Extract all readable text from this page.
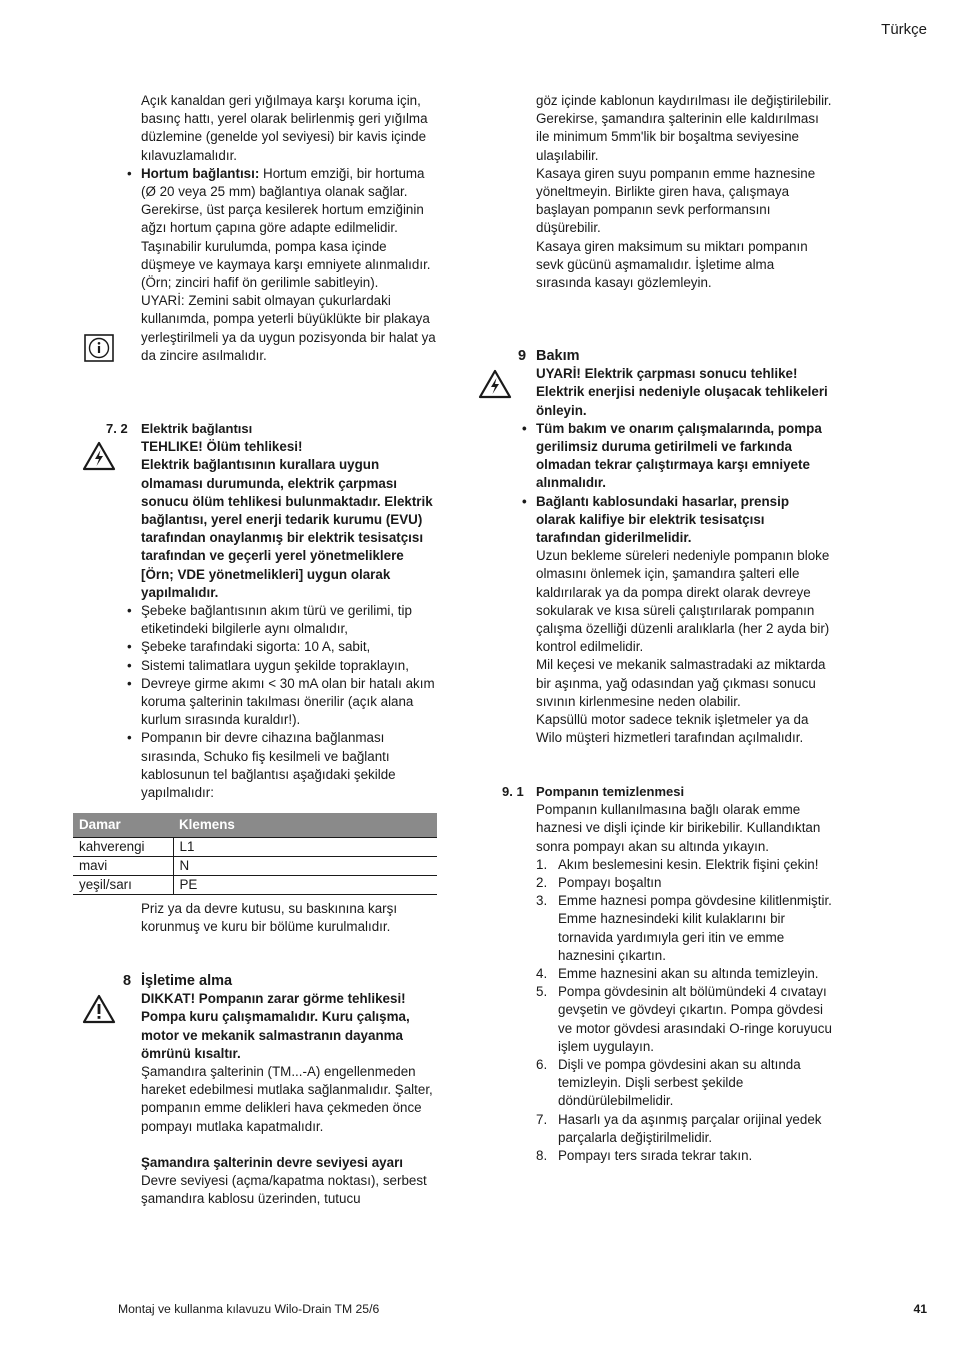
Türkçe

Açık kanaldan geri yığılmaya karşı koruma için, basınç hattı, yerel olarak belirlenmiş geri yığılma düzlemine (genelde yol seviyesi) bir kavis içinde kılavuzlamalıdır.

• Hortum bağlantısı: Hortum emziği, bir hortuma (Ø 20 veya 25 mm) bağlantıya olanak sağlar. Gerekirse, üst parça kesilerek hortum emziğinin ağzı hortum çapına göre adapte edilmelidir.

Taşınabilir kurulumda, pompa kasa içinde düşmeye ve kaymaya karşı emniyete alınmalıdır. (Örn; zinciri hafif ön gerilimle sabitleyin).

UYARİ: Zemini sabit olmayan çukurlardaki kullanımda, pompa yeterli büyüklükte bir plakaya yerleştirilmeli ya da uygun pozisyonda bir halat ya da zincire asılmalıdır.

7. 2 Elektrik bağlantısı

TEHLIKE! Ölüm tehlikesi!

Elektrik bağlantısının kurallara uygun olmaması durumunda, elektrik çarpması sonucu ölüm tehlikesi bulunmaktadır. Elektrik bağlantısı, yerel enerji tedarik kurumu (EVU) tarafından onaylanmış bir elektrik tesisatçısı tarafından ve geçerli yerel yönetmeliklere [Örn; VDE yönetmelikleri] uygun olarak yapılmalıdır.

• Şebeke bağlantısının akım türü ve gerilimi, tip etiketindeki bilgilerle aynı olmalıdır,

• Şebeke tarafındaki sigorta: 10 A, sabit,

• Sistemi talimatlara uygun şekilde topraklayın,

• Devreye girme akımı < 30 mA olan bir hatalı akım koruma şalterinin takılması önerilir (açık alana kurlum sırasında kuraldır!).

• Pompanın bir devre cihazına bağlanması sırasında, Schuko fiş kesilmeli ve bağlantı kablosunun tel bağlantısı aşağıdaki şekilde yapılmalıdır:

Damar	Klemens
kahverengi	L1
mavi	N
yeşil/sarı	PE

Priz ya da devre kutusu, su baskınına karşı korunmuş ve kuru bir bölüme kurulmalıdır.

8 İşletime alma

DIKKAT! Pompanın zarar görme tehlikesi! Pompa kuru çalışmamalıdır. Kuru çalışma, motor ve mekanik salmastranın dayanma ömrünü kısaltır.

Şamandıra şalterinin (TM...-A) engellenmeden hareket edebilmesi mutlaka sağlanmalıdır. Şalter, pompanın emme delikleri hava çekmeden önce pompayı mutlaka kapatmalıdır.

Şamandıra şalterinin devre seviyesi ayarı

Devre seviyesi (açma/kapatma noktası), serbest şamandıra kablosu üzerinden, tutucu

göz içinde kablonun kaydırılması ile değiştirilebilir.

Gerekirse, şamandıra şalterinin elle kaldırılması ile minimum 5mm'lik bir boşaltma seviyesine ulaşılabilir.

Kasaya giren suyu pompanın emme haznesine yöneltmeyin. Birlikte giren hava, çalışmaya başlayan pompanın sevk performansını düşürebilir.

Kasaya giren maksimum su miktarı pompanın sevk gücünü aşmamalıdır. İşletime alma sırasında kasayı gözlemleyin.

9 Bakım

UYARİ! Elektrik çarpması sonucu tehlike! Elektrik enerjisi nedeniyle oluşacak tehlikeleri önleyin.

• Tüm bakım ve onarım çalışmalarında, pompa gerilimsiz duruma getirilmeli ve farkında olmadan tekrar çalıştırmaya karşı emniyete alınmalıdır.

• Bağlantı kablosundaki hasarlar, prensip olarak kalifiye bir elektrik tesisatçısı tarafından giderilmelidir.

Uzun bekleme süreleri nedeniyle pompanın bloke olmasını önlemek için, şamandıra şalteri elle kaldırılarak ya da pompa direkt olarak devreye sokularak ve kısa süreli çalıştırılarak pompanın çalışma özelliği düzenli aralıklarla (her 2 ayda bir) kontrol edilmelidir.

Mil keçesi ve mekanik salmastradaki az miktarda bir aşınma, yağ odasından yağ çıkması sonucu sıvının kirlenmesine neden olabilir.

Kapsüllü motor sadece teknik işletmeler ya da Wilo müşteri hizmetleri tarafından açılmalıdır.

9. 1 Pompanın temizlenmesi

Pompanın kullanılmasına bağlı olarak emme haznesi ve dişli içinde kir birikebilir. Kullandıktan sonra pompayı akan su altında yıkayın.

1. Akım beslemesini kesin. Elektrik fişini çekin!

2. Pompayı boşaltın

3. Emme haznesi pompa gövdesine kilitlenmiştir. Emme haznesindeki kilit kulaklarını bir tornavida yardımıyla geri itin ve emme haznesini çıkartın.

4. Emme haznesini akan su altında temizleyin.

5. Pompa gövdesinin alt bölümündeki 4 cıvatayı gevşetin ve gövdeyi çıkartın. Pompa gövdesi ve motor gövdesi arasındaki O-ringe koruyucu işlem uygulayın.

6. Dişli ve pompa gövdesini akan su altında temizleyin. Dişli serbest şekilde döndürülebilmelidir.

7. Hasarlı ya da aşınmış parçalar orijinal yedek parçalarla değiştirilmelidir.

8. Pompayı ters sırada tekrar takın.

Montaj ve kullanma kılavuzu Wilo-Drain TM 25/6	41
